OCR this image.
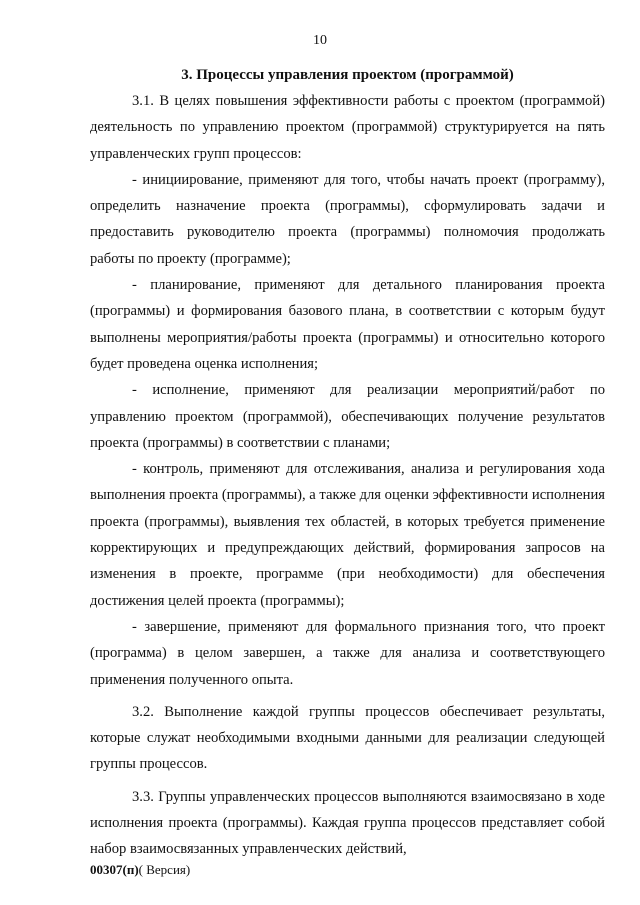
10
3. Процессы управления проектом (программой)

3.1. В целях повышения эффективности работы с проектом (программой) деятельность по управлению проектом (программой) структурируется на пять управленческих групп процессов:

- инициирование, применяют для того, чтобы начать проект (программу), определить назначение проекта (программы), сформулировать задачи и предоставить руководителю проекта (программы) полномочия продолжать работы по проекту (программе);

- планирование, применяют для детального планирования проекта (программы) и формирования базового плана, в соответствии с которым будут выполнены мероприятия/работы проекта (программы) и относительно которого будет проведена оценка исполнения;

- исполнение, применяют для реализации мероприятий/работ по управлению проектом (программой), обеспечивающих получение результатов проекта (программы) в соответствии с планами;

- контроль, применяют для отслеживания, анализа и регулирования хода выполнения проекта (программы), а также для оценки эффективности исполнения проекта (программы), выявления тех областей, в которых требуется применение корректирующих и предупреждающих действий, формирования запросов на изменения в проекте, программе (при необходимости) для обеспечения достижения целей проекта (программы);

- завершение, применяют для формального признания того, что проект (программа) в целом завершен, а также для анализа и соответствующего применения полученного опыта.

3.2. Выполнение каждой группы процессов обеспечивает результаты, которые служат необходимыми входными данными для реализации следующей группы процессов.

3.3. Группы управленческих процессов выполняются взаимосвязано в ходе исполнения проекта (программы). Каждая группа процессов представляет собой набор взаимосвязанных управленческих действий,

00307(п)( Версия)
